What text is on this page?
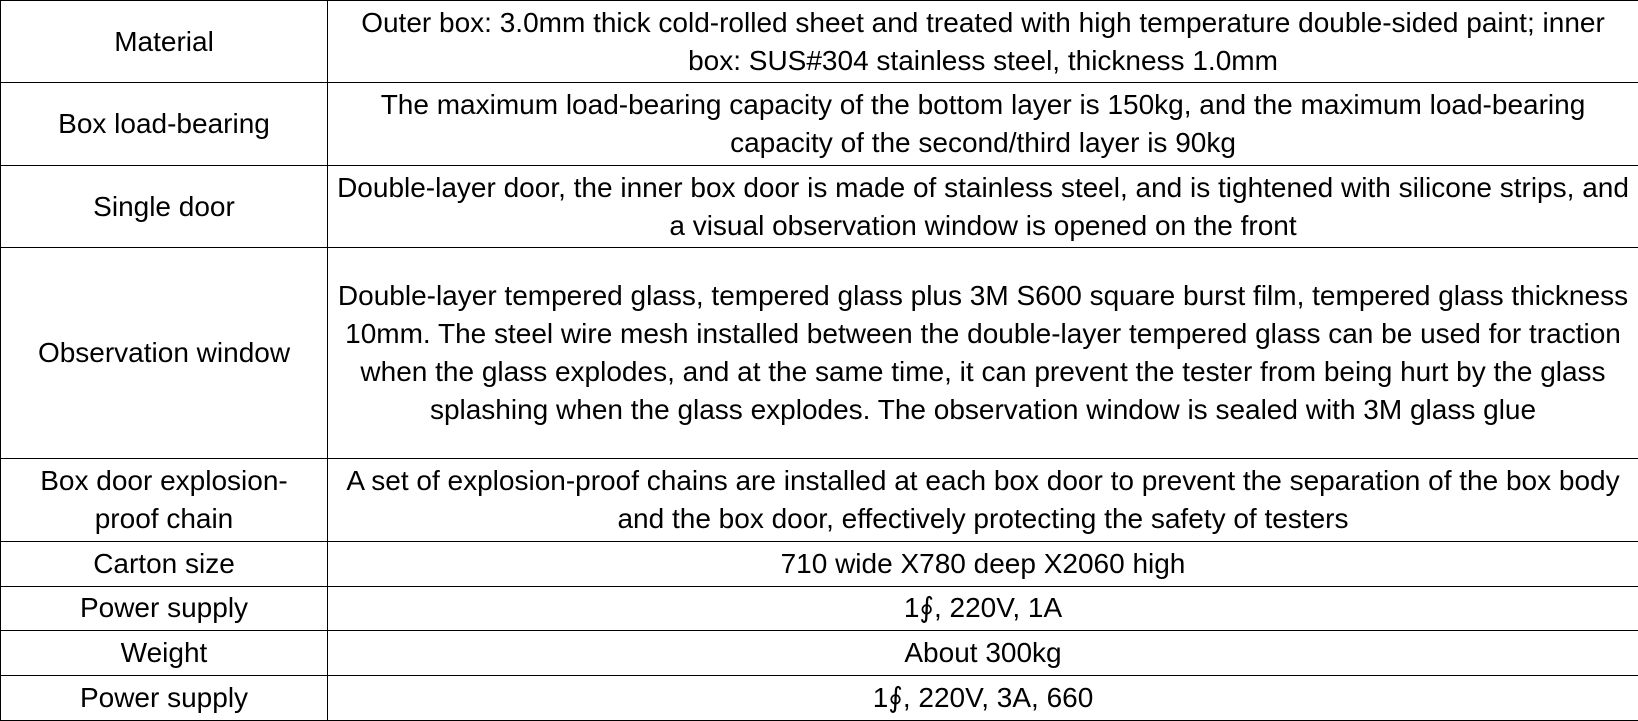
Material	Outer box: 3.0mm thick cold-rolled sheet and treated with high temperature double-sided paint; inner box: SUS#304 stainless steel, thickness 1.0mm
Box load-bearing	The maximum load-bearing capacity of the bottom layer is 150kg, and the maximum load-bearing capacity of the second/third layer is 90kg
Single door	Double-layer door, the inner box door is made of stainless steel, and is tightened with silicone strips, and a visual observation window is opened on the front
Observation window	Double-layer tempered glass, tempered glass plus 3M S600 square burst film, tempered glass thickness 10mm. The steel wire mesh installed between the double-layer tempered glass can be used for traction when the glass explodes, and at the same time, it can prevent the tester from being hurt by the glass splashing when the glass explodes. The observation window is sealed with 3M glass glue
Box door explosion-proof chain	A set of explosion-proof chains are installed at each box door to prevent the separation of the box body and the box door, effectively protecting the safety of testers
Carton size	710 wide X780 deep X2060 high
Power supply	1∮, 220V, 1A
Weight	About 300kg
Power supply	1∮, 220V, 3A, 660
